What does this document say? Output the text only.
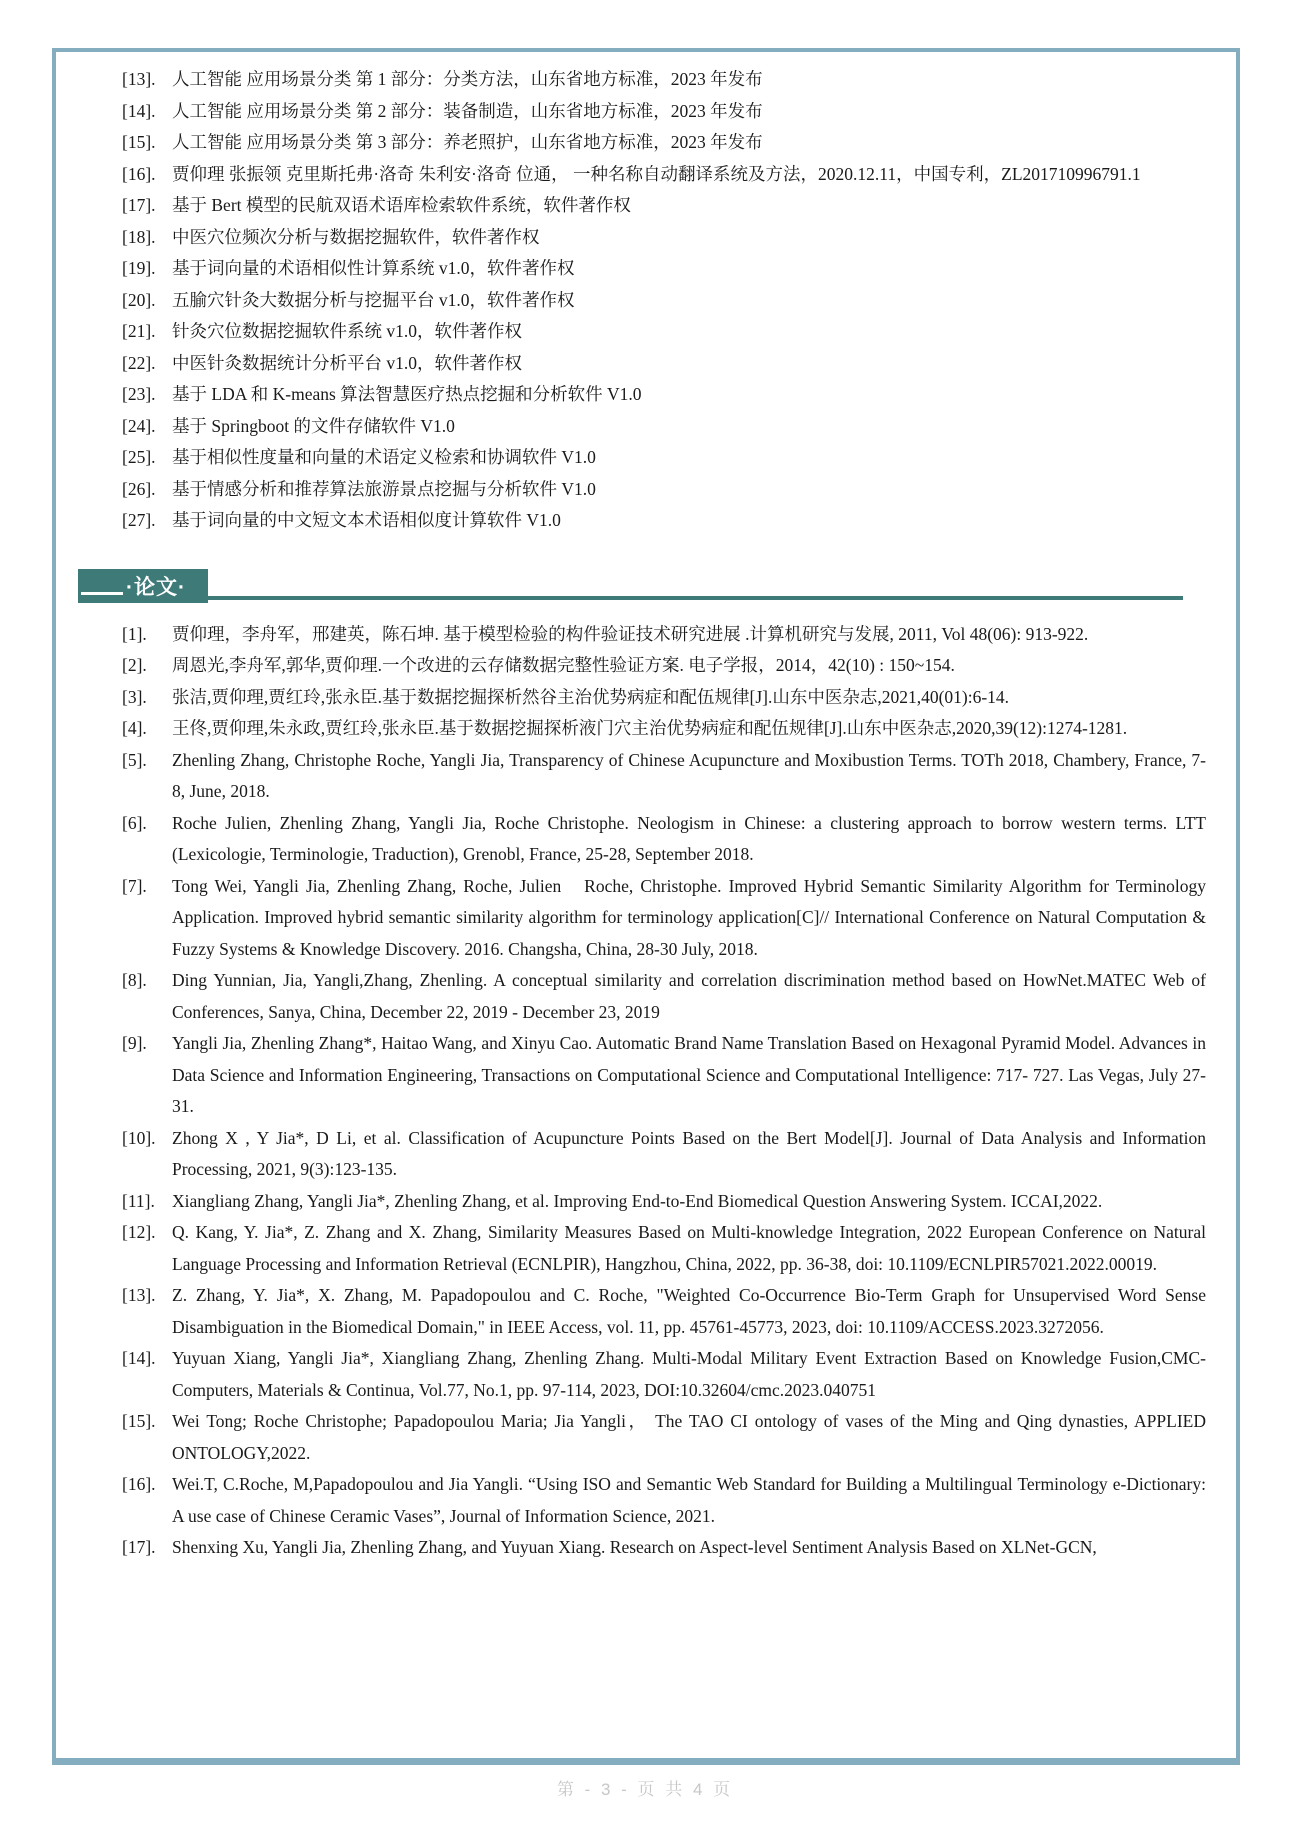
[13]. 人工智能 应用场景分类 第 1 部分：分类方法，山东省地方标准，2023 年发布
[14]. 人工智能 应用场景分类 第 2 部分：装备制造，山东省地方标准，2023 年发布
[15]. 人工智能 应用场景分类 第 3 部分：养老照护，山东省地方标准，2023 年发布
[16]. 贾仰理 张振领 克里斯托弗·洛奇 朱利安·洛奇 位通， 一种名称自动翻译系统及方法，2020.12.11，中国专利，ZL201710996791.1
[17]. 基于 Bert 模型的民航双语术语库检索软件系统，软件著作权
[18]. 中医穴位频次分析与数据挖掘软件，软件著作权
[19]. 基于词向量的术语相似性计算系统 v1.0，软件著作权
[20]. 五腧穴针灸大数据分析与挖掘平台 v1.0，软件著作权
[21]. 针灸穴位数据挖掘软件系统 v1.0，软件著作权
[22]. 中医针灸数据统计分析平台 v1.0，软件著作权
[23]. 基于 LDA 和 K-means 算法智慧医疗热点挖掘和分析软件 V1.0
[24]. 基于 Springboot 的文件存储软件 V1.0
[25]. 基于相似性度量和向量的术语定义检索和协调软件 V1.0
[26]. 基于情感分析和推荐算法旅游景点挖掘与分析软件 V1.0
[27]. 基于词向量的中文短文本术语相似度计算软件 V1.0
·论文·
[1].	贾仰理，李舟军，邢建英，陈石坤. 基于模型检验的构件验证技术研究进展 .计算机研究与发展, 2011, Vol 48(06): 913-922.
[2].	周恩光,李舟军,郭华,贾仰理.一个改进的云存储数据完整性验证方案. 电子学报，2014，42(10) : 150~154.
[3].	张洁,贾仰理,贾红玲,张永臣.基于数据挖掘探析然谷主治优势病症和配伍规律[J].山东中医杂志,2021,40(01):6-14.
[4].	王佟,贾仰理,朱永政,贾红玲,张永臣.基于数据挖掘探析液门穴主治优势病症和配伍规律[J].山东中医杂志,2020,39(12):1274-1281.
[5].	Zhenling Zhang, Christophe Roche, Yangli Jia, Transparency of Chinese Acupuncture and Moxibustion Terms. TOTh 2018, Chambery, France, 7-8, June, 2018.
[6].	Roche Julien, Zhenling Zhang, Yangli Jia, Roche Christophe. Neologism in Chinese: a clustering approach to borrow western terms. LTT (Lexicologie, Terminologie, Traduction), Grenobl, France, 25-28, September 2018.
[7].	Tong Wei, Yangli Jia, Zhenling Zhang, Roche, Julien　Roche, Christophe. Improved Hybrid Semantic Similarity Algorithm for Terminology Application. Improved hybrid semantic similarity algorithm for terminology application[C]// International Conference on Natural Computation & Fuzzy Systems & Knowledge Discovery. 2016. Changsha, China, 28-30 July, 2018.
[8].	Ding Yunnian, Jia, Yangli,Zhang, Zhenling. A conceptual similarity and correlation discrimination method based on HowNet.MATEC Web of Conferences, Sanya, China, December 22, 2019 - December 23, 2019
[9].	Yangli Jia, Zhenling Zhang*, Haitao Wang, and Xinyu Cao. Automatic Brand Name Translation Based on Hexagonal Pyramid Model. Advances in Data Science and Information Engineering, Transactions on Computational Science and Computational Intelligence: 717- 727. Las Vegas, July 27- 31.
[10]. Zhong X , Y Jia*, D Li, et al. Classification of Acupuncture Points Based on the Bert Model[J]. Journal of Data Analysis and Information Processing, 2021, 9(3):123-135.
[11]. Xiangliang Zhang, Yangli Jia*, Zhenling Zhang, et al. Improving End-to-End Biomedical Question Answering System. ICCAI,2022.
[12]. Q. Kang, Y. Jia*, Z. Zhang and X. Zhang, Similarity Measures Based on Multi-knowledge Integration, 2022 European Conference on Natural Language Processing and Information Retrieval (ECNLPIR), Hangzhou, China, 2022, pp. 36-38, doi: 10.1109/ECNLPIR57021.2022.00019.
[13]. Z. Zhang, Y. Jia*, X. Zhang, M. Papadopoulou and C. Roche, "Weighted Co-Occurrence Bio-Term Graph for Unsupervised Word Sense Disambiguation in the Biomedical Domain," in IEEE Access, vol. 11, pp. 45761-45773, 2023, doi: 10.1109/ACCESS.2023.3272056.
[14]. Yuyuan Xiang, Yangli Jia*, Xiangliang Zhang, Zhenling Zhang. Multi-Modal Military Event Extraction Based on Knowledge Fusion,CMC-Computers, Materials & Continua, Vol.77, No.1, pp. 97-114, 2023, DOI:10.32604/cmc.2023.040751
[15]. Wei Tong; Roche Christophe; Papadopoulou Maria; Jia Yangli， The TAO CI ontology of vases of the Ming and Qing dynasties, APPLIED ONTOLOGY,2022.
[16]. Wei.T, C.Roche, M,Papadopoulou and Jia Yangli. “Using ISO and Semantic Web Standard for Building a Multilingual Terminology e-Dictionary: A use case of Chinese Ceramic Vases”, Journal of Information Science, 2021.
[17]. Shenxing Xu, Yangli Jia, Zhenling Zhang, and Yuyuan Xiang. Research on Aspect-level Sentiment Analysis Based on XLNet-GCN,
第 - 3 - 页 共 4 页
